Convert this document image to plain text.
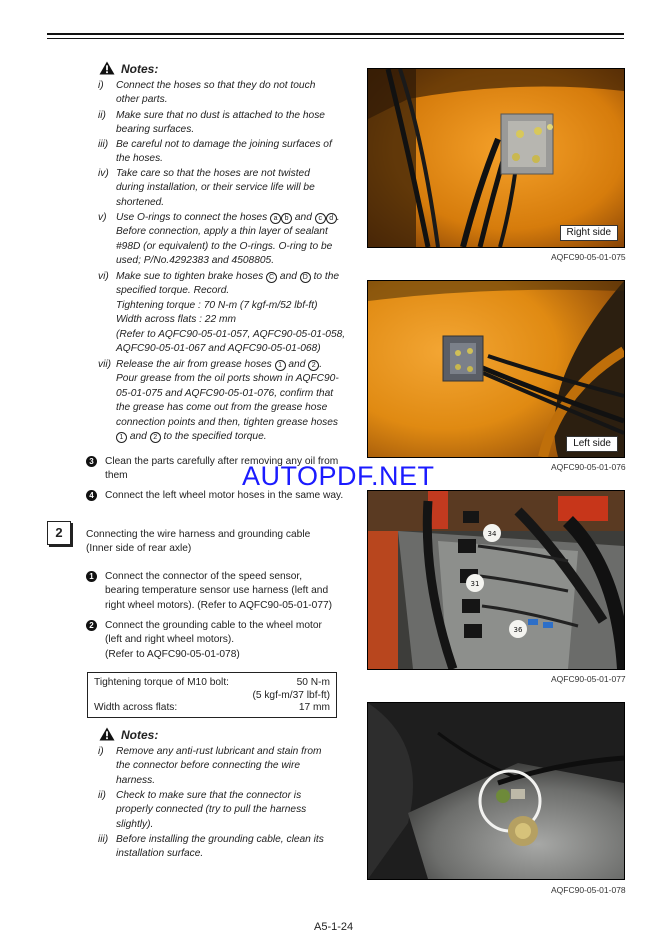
Notes:
i) Connect the hoses so that they do not touch
other parts.
ii) Make sure that no dust is attached to the hose
bearing surfaces.
iii) Be careful not to damage the joining surfaces of
the hoses.
iv) Take care so that the hoses are not twisted
during installation, or their service life will be
shortened.
v) Use O-rings to connect the hoses a b and c d .
Before connection, apply a thin layer of sealant
#98D (or equivalent) to the O-rings. O-ring to be
used; P/No.4292383 and 4508805.
vi) Make sue to tighten brake hoses C and D to the
specified torque. Record.
Tightening torque : 70 N-m (7 kgf-m/52 lbf-ft)
Width across flats : 22 mm
(Refer to AQFC90-05-01-057, AQFC90-05-01-058,
AQFC90-05-01-067 and AQFC90-05-01-068)
vii) Release the air from grease hoses 1 and 2 .
Pour grease from the oil ports shown in AQFC90-
05-01-075 and AQFC90-05-01-076, confirm that
the grease has come out from the grease hose
connection points and then, tighten grease hoses
1 and 2 to the specified torque.
3	Clean the parts carefully after removing any oil from
them
4	Connect the left wheel motor hoses in the same way.
AUTOPDF.NET
2	Connecting the wire harness and grounding cable
(Inner side of rear axle)
1	Connect the connector of the speed sensor,
bearing temperature sensor use harness (left and
right wheel motors). (Refer to AQFC90-05-01-077)
2	Connect the grounding cable to the wheel motor
(left and right wheel motors).
(Refer to AQFC90-05-01-078)
Tightening torque of M10 bolt:	50 N-m
(5 kgf-m/37 lbf-ft)
Width across flats:	17 mm
Notes:
i) Remove any anti-rust lubricant and stain from
the connector before connecting the wire
harness.
ii) Check to make sure that the connector is
properly connected (try to pull the harness
slightly).
iii) Before installing the grounding cable, clean its
installation surface.
Right side
AQFC90-05-01-075
Left side
AQFC90-05-01-076
34
31
36
AQFC90-05-01-077
AQFC90-05-01-078
A5-1-24
